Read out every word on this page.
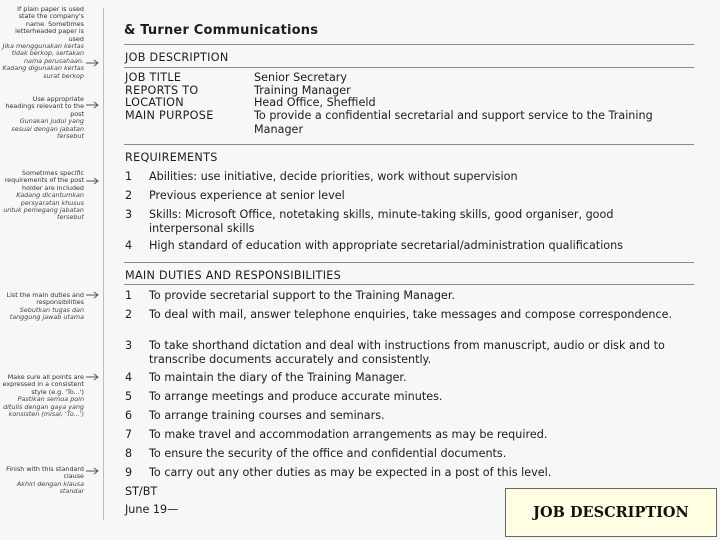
If plain paper is used state the company's name. Sometimes letterheaded paper is used
Jika menggunakan kertas tidak berkop, sertakan nama perusahaan. Kadang digunakan kertas surat berkop
Use appropriate headings relevant to the post
Gunakan judul yang sesuai dengan jabatan tersebut
Sometimes specific requirements of the post holder are included
Kadang dicantumkan persyaratan khusus untuk pemegang jabatan tersebut
List the main duties and responsibilities
Sebutkan tugas dan tanggung jawab utama
Make sure all points are expressed in a consistent style (e.g. 'To...')
Pastikan semua poin ditulis dengan gaya yang konsisten (misal, 'To...')
Finish with this standard clause
Akhiri dengan klausa standar
& Turner Communications
JOB DESCRIPTION
JOB TITLE	Senior Secretary
REPORTS TO	Training Manager
LOCATION	Head Office, Sheffield
MAIN PURPOSE	To provide a confidential secretarial and support service to the Training Manager
REQUIREMENTS
1 Abilities: use initiative, decide priorities, work without supervision
2 Previous experience at senior level
3 Skills: Microsoft Office, notetaking skills, minute-taking skills, good organiser, good interpersonal skills
4 High standard of education with appropriate secretarial/administration qualifications
MAIN DUTIES AND RESPONSIBILITIES
1 To provide secretarial support to the Training Manager.
2 To deal with mail, answer telephone enquiries, take messages and compose correspondence.
3 To take shorthand dictation and deal with instructions from manuscript, audio or disk and to transcribe documents accurately and consistently.
4 To maintain the diary of the Training Manager.
5 To arrange meetings and produce accurate minutes.
6 To arrange training courses and seminars.
7 To make travel and accommodation arrangements as may be required.
8 To ensure the security of the office and confidential documents.
9 To carry out any other duties as may be expected in a post of this level.
ST/BT
June 19—	JOB DESCRIPTION
